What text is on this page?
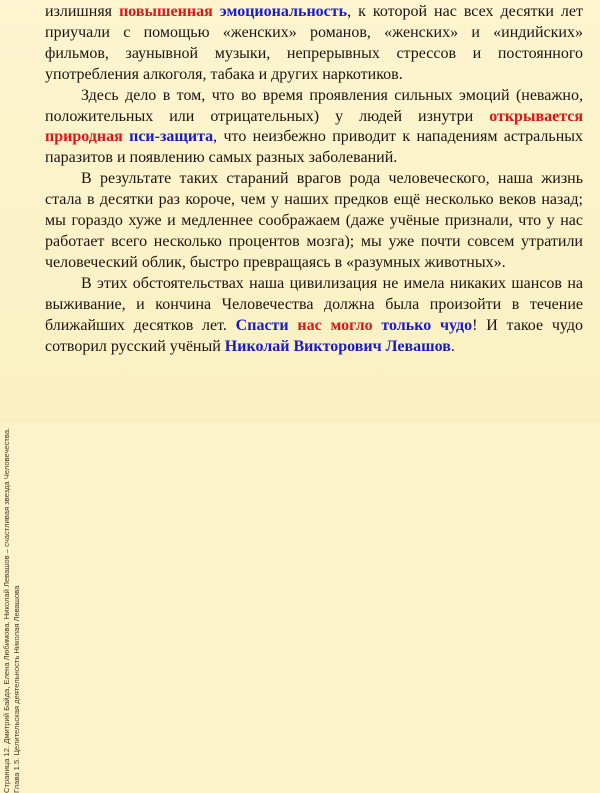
Страница 12. Дмитрий Байда, Елена Любимова. Николай Левашов – счастливая звезда Человечества. Глава 1.5. Целительская деятельность Николая Левашова

излишняя повышенная эмоциональность, к которой нас всех десятки лет приучали с помощью «женских» романов, «женских» и «индийских» фильмов, заунывной музыки, непрерывных стрессов и постоянного употребления алкоголя, табака и других наркотиков.

Здесь дело в том, что во время проявления сильных эмоций (неважно, положительных или отрицательных) у людей изнутри открывается природная пси-защита, что неизбежно приводит к нападениям астральных паразитов и появлению самых разных заболеваний.

В результате таких стараний врагов рода человеческого, наша жизнь стала в десятки раз короче, чем у наших предков ещё несколько веков назад; мы гораздо хуже и медленнее соображаем (даже учёные признали, что у нас работает всего несколько процентов мозга); мы уже почти совсем утратили человеческий облик, быстро превращаясь в «разумных животных».

В этих обстоятельствах наша цивилизация не имела никаких шансов на выживание, и кончина Человечества должна была произойти в течение ближайших десятков лет. Спасти нас могло только чудо! И такое чудо сотворил русский учёный Николай Викторович Левашов.
